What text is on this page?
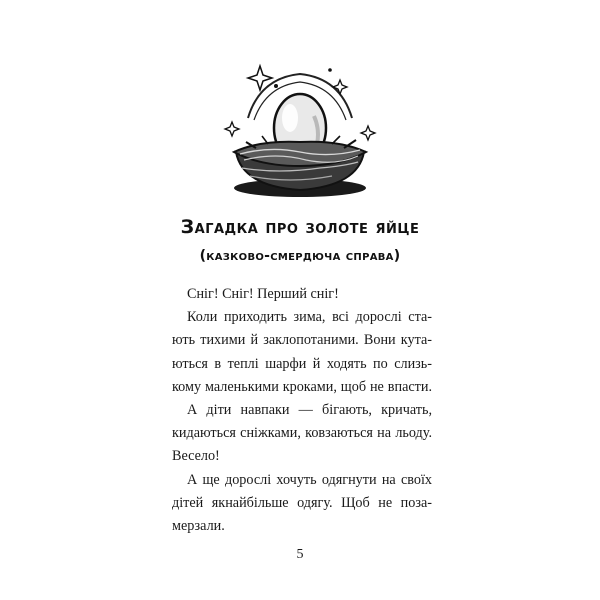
Загадка про золоте яйце
(казково-смердюча справа)
Сніг! Сніг! Перший сніг!
Коли приходить зима, всі дорослі ста-
ють тихими й заклопотаними. Вони кута-
ються в теплі шарфи й ходять по слизь-
кому маленькими кроками, щоб не впасти.
А діти навпаки — бігають, кричать,
кидаються сніжками, ковзаються на льоду.
Весело!
А ще дорослі хочуть одягнути на своїх
дітей якнайбільше одягу. Щоб не поза-
мерзали.
5
